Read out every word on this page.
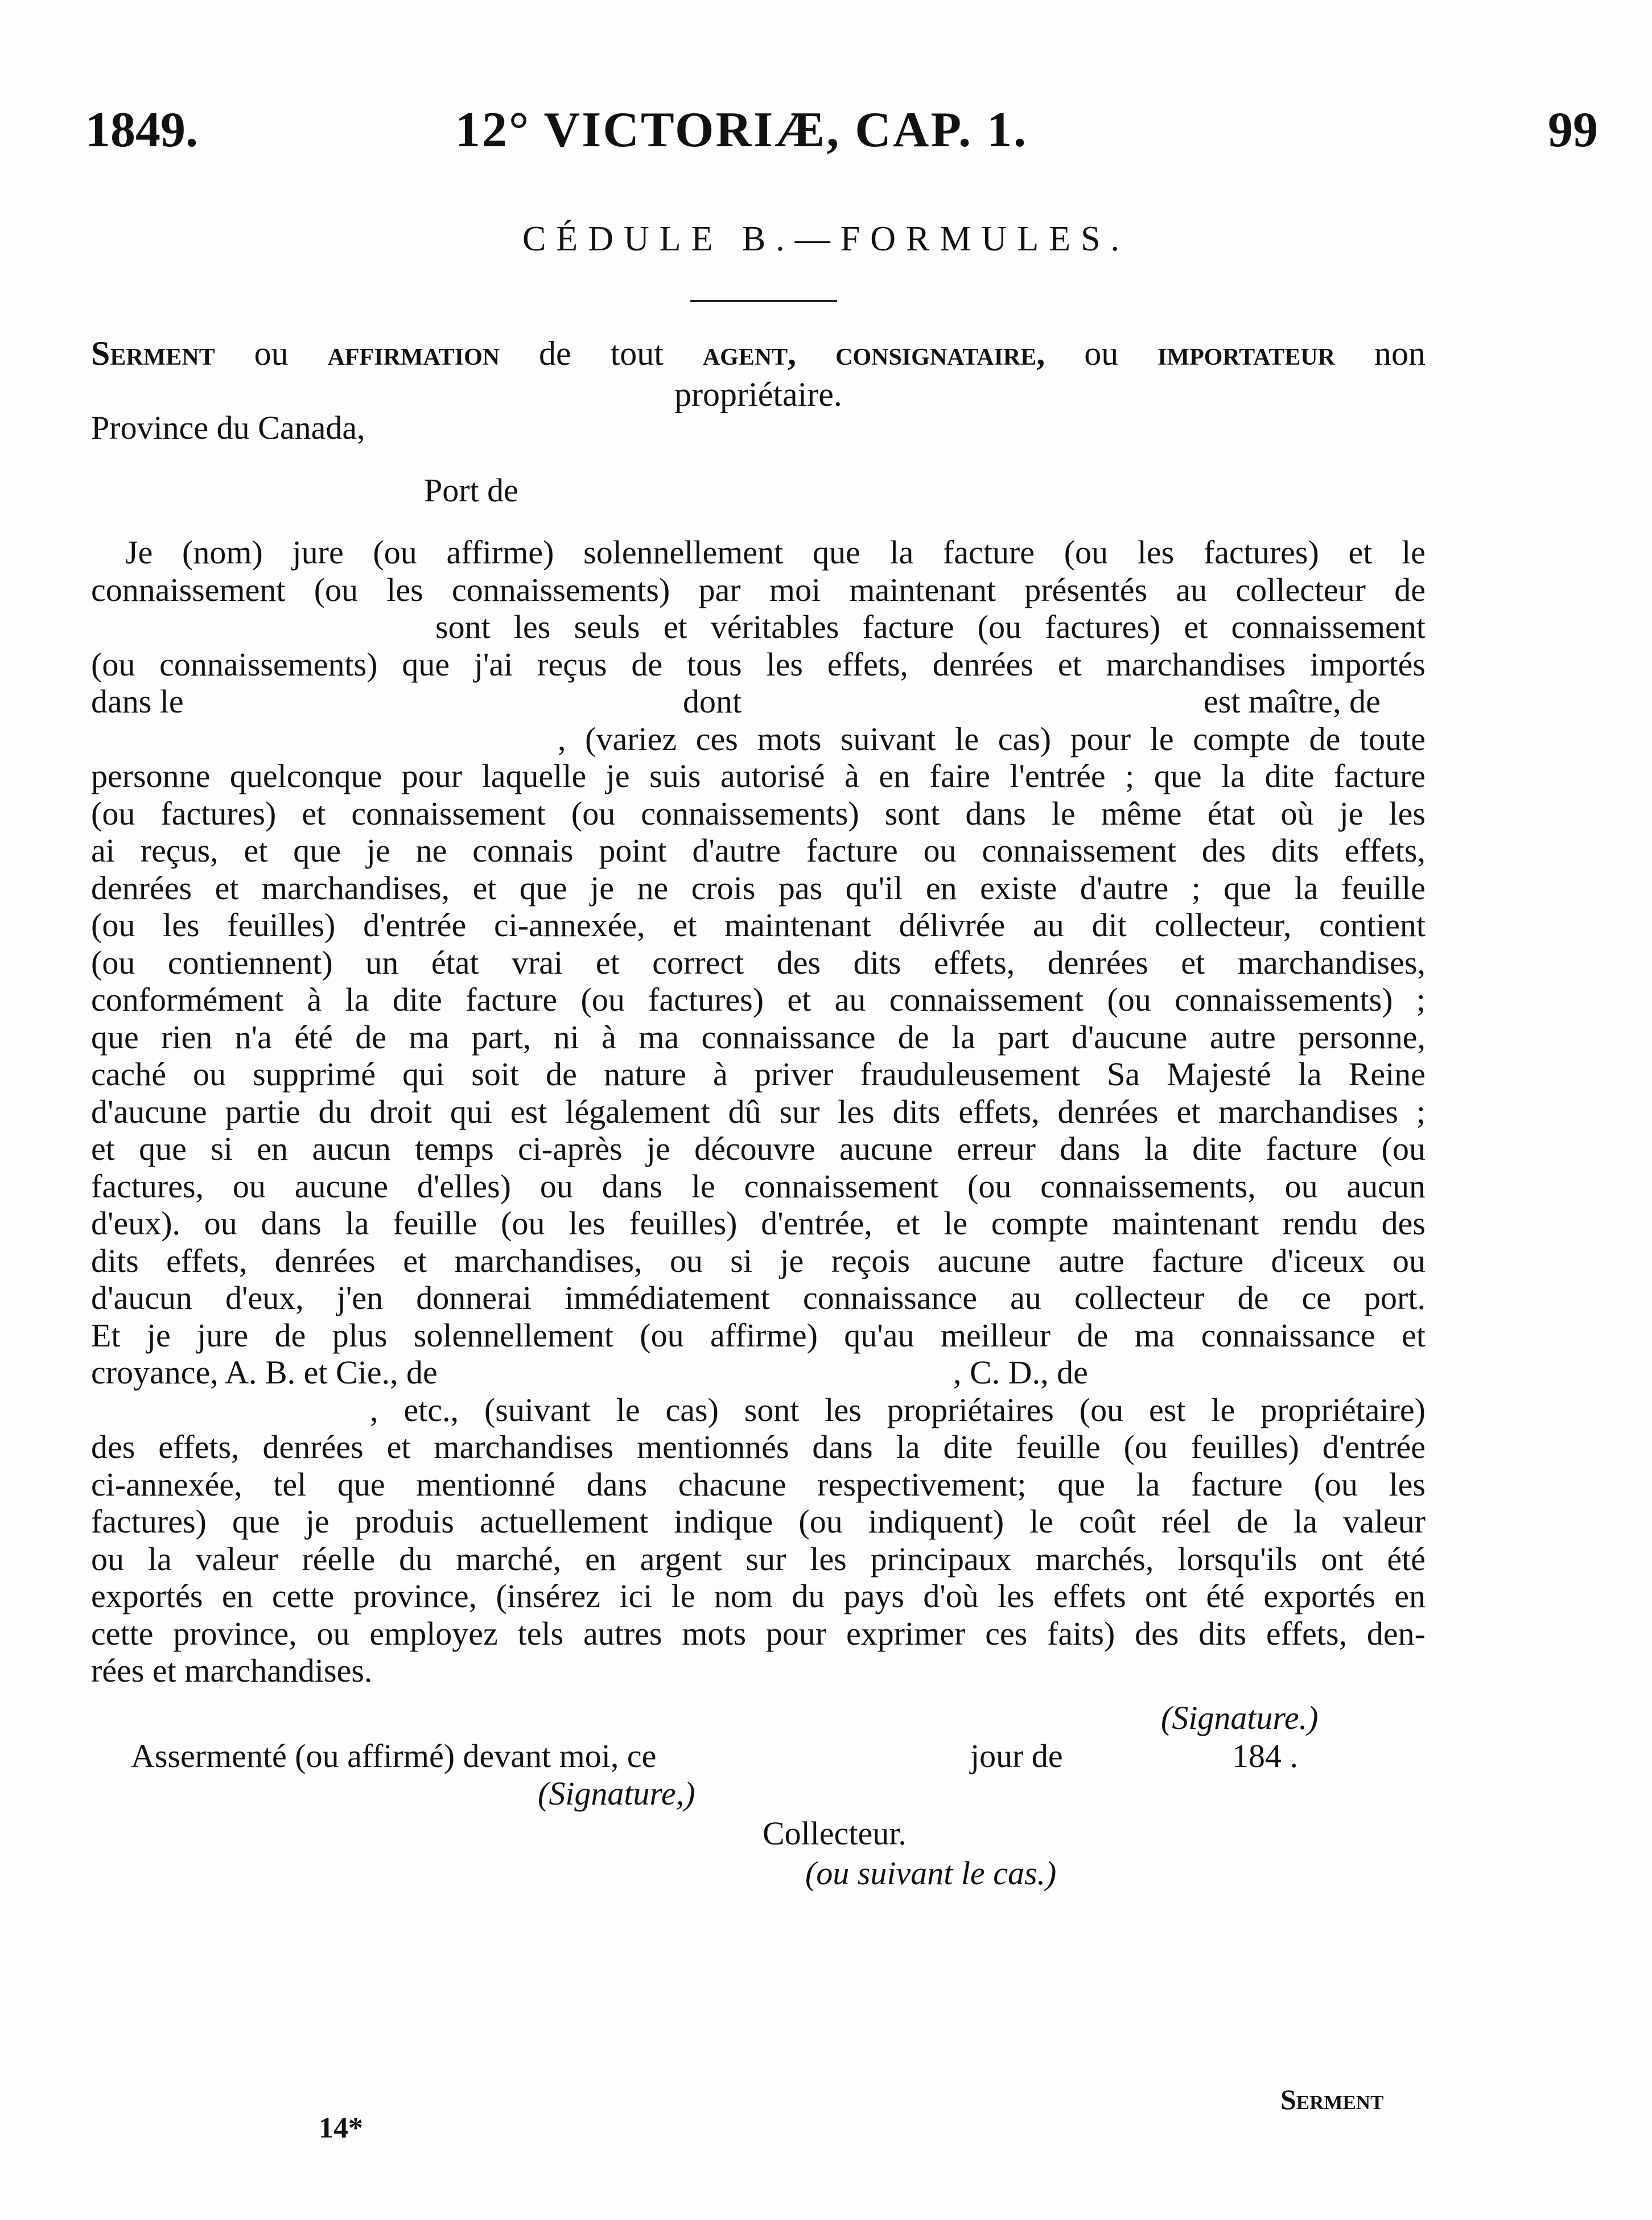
1849.	12° VICTORIÆ, CAP. 1.	99
CÉDULE B.—FORMULES.
Serment ou affirmation de tout agent, consignataire, ou importateur non
propriétaire.
Province du Canada,
Port de
Je (nom) jure (ou affirme) solennellement que la facture (ou les factures) et le
connaissement (ou les connaissements) par moi maintenant présentés au collecteur de
sont les seuls et véritables facture (ou factures) et connaissement
(ou connaissements) que j'ai reçus de tous les effets, denrées et marchandises importés
dans le	dont	est maître, de
, (variez ces mots suivant le cas) pour le compte de toute
personne quelconque pour laquelle je suis autorisé à en faire l'entrée ; que la dite facture
(ou factures) et connaissement (ou connaissements) sont dans le même état où je les
ai reçus, et que je ne connais point d'autre facture ou connaissement des dits effets,
denrées et marchandises, et que je ne crois pas qu'il en existe d'autre ; que la feuille
(ou les feuilles) d'entrée ci-annexée, et maintenant délivrée au dit collecteur, contient
(ou contiennent) un état vrai et correct des dits effets, denrées et marchandises,
conformément à la dite facture (ou factures) et au connaissement (ou connaissements) ;
que rien n'a été de ma part, ni à ma connaissance de la part d'aucune autre personne,
caché ou supprimé qui soit de nature à priver frauduleusement Sa Majesté la Reine
d'aucune partie du droit qui est légalement dû sur les dits effets, denrées et marchandises ;
et que si en aucun temps ci-après je découvre aucune erreur dans la dite facture (ou
factures, ou aucune d'elles) ou dans le connaissement (ou connaissements, ou aucun
d'eux). ou dans la feuille (ou les feuilles) d'entrée, et le compte maintenant rendu des
dits effets, denrées et marchandises, ou si je reçois aucune autre facture d'iceux ou
d'aucun d'eux, j'en donnerai immédiatement connaissance au collecteur de ce port.
Et je jure de plus solennellement (ou affirme) qu'au meilleur de ma connaissance et
croyance, A. B. et Cie., de	, C. D., de
, etc., (suivant le cas) sont les propriétaires (ou est le propriétaire)
des effets, denrées et marchandises mentionnés dans la dite feuille (ou feuilles) d'entrée
ci-annexée, tel que mentionné dans chacune respectivement; que la facture (ou les
factures) que je produis actuellement indique (ou indiquent) le coût réel de la valeur
ou la valeur réelle du marché, en argent sur les principaux marchés, lorsqu'ils ont été
exportés en cette province, (insérez ici le nom du pays d'où les effets ont été exportés en
cette province, ou employez tels autres mots pour exprimer ces faits) des dits effets, den-
rées et marchandises.
(Signature.)
Assermenté (ou affirmé) devant moi, ce	jour de	184 .
(Signature,)
Collecteur.
(ou suivant le cas.)
Serment
14*
